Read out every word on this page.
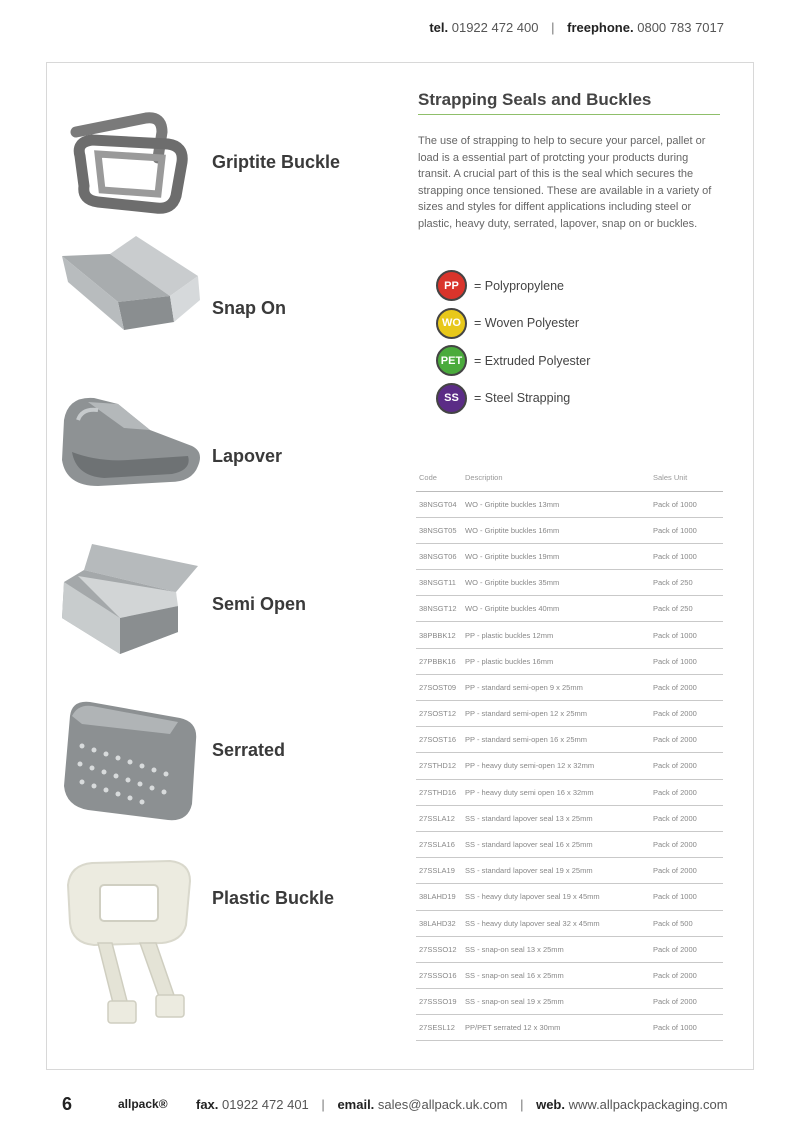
tel. 01922 472 400 | freephone. 0800 783 7017
Griptite Buckle
Snap On
Lapover
Semi Open
Serrated
Plastic Buckle
Strapping Seals and Buckles

The use of strapping to help to secure your parcel, pallet or load is a essential part of protcting your products during transit. A crucial part of this is the seal which secures the strapping once tensioned. These are available in a variety of sizes and styles for diffent applications including steel or plastic, heavy duty, serrated, lapover, snap on or buckles.

PP	= Polypropylene
WO	= Woven Polyester
PET = Extruded Polyester
SS	= Steel Strapping
Code	Description	Sales Unit
38NSGT04	WO - Griptite buckles 13mm	Pack of 1000
38NSGT05	WO - Griptite buckles 16mm	Pack of 1000
38NSGT06	WO - Griptite buckles 19mm	Pack of 1000
38NSGT11	WO - Griptite buckles 35mm	Pack of 250
38NSGT12	WO - Griptite buckles 40mm	Pack of 250
38PBBK12	PP - plastic buckles 12mm	Pack of 1000
27PBBK16	PP - plastic buckles 16mm	Pack of 1000
27SOST09	PP - standard semi-open 9 x 25mm	Pack of 2000
27SOST12	PP - standard semi-open 12 x 25mm	Pack of 2000
27SOST16	PP - standard semi-open 16 x 25mm	Pack of 2000
27STHD12	PP - heavy duty semi-open 12 x 32mm	Pack of 2000
27STHD16	PP - heavy duty semi open 16 x 32mm	Pack of 2000
27SSLA12	SS - standard lapover seal 13 x 25mm	Pack of 2000
27SSLA16	SS - standard lapover seal 16 x 25mm	Pack of 2000
27SSLA19	SS - standard lapover seal 19 x 25mm	Pack of 2000
38LAHD19	SS - heavy duty lapover seal 19 x 45mm	Pack of 1000
38LAHD32	SS - heavy duty lapover seal 32 x 45mm	Pack of 500
27SSSO12	SS - snap-on seal 13 x 25mm	Pack of 2000
27SSSO16	SS - snap-on seal 16 x 25mm	Pack of 2000
27SSSO19	SS - snap-on seal 19 x 25mm	Pack of 2000
27SESL12	PP/PET serrated 12 x 30mm	Pack of 1000
6	allpack® fax. 01922 472 401 | email. sales@allpack.uk.com | web. www.allpackpackaging.com
